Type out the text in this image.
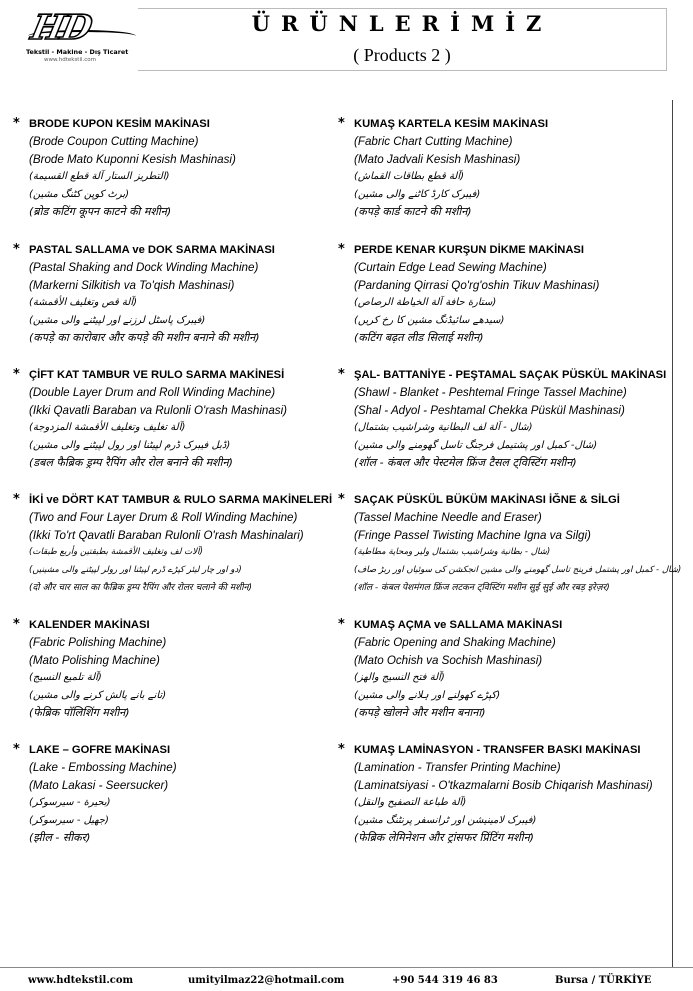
HD
Tekstil - Makine - Dış Ticaret
www.hdtekstil.com
ÜRÜNLERİMİZ
( Products 2 )
* BRODE KUPON KESİM MAKİNASI
(Brode Coupon Cutting Machine)
(Brode Mato Kuponni Kesish Mashinasi)
(التطريز الستار آلة قطع القسيمة)
(برٹ کوپن کٹنگ مشین)
(ब्रोड कटिंग कूपन काटने की मशीन)
* KUMAŞ KARTELA KESİM MAKİNASI
(Fabric Chart Cutting Machine)
(Mato Jadvali Kesish Mashinasi)
(آلة قطع بطاقات القماش)
(فیبرک کارڈ کاٹنے والی مشین)
(कपड़े कार्ड काटने की मशीन)
* PASTAL SALLAMA ve DOK SARMA MAKİNASI
(Pastal Shaking and Dock Winding Machine)
(Markerni Silkitish va To'qish Mashinasi)
(آلة قص وتغليف الأقمشة)
(فیبرک پاسٹل لرزنے اور لپیٹنے والی مشین)
(कपड़े का कारोबार और कपड़े की मशीन बनाने की मशीन)
* PERDE KENAR KURŞUN DİKME MAKİNASI
(Curtain Edge Lead Sewing Machine)
(Pardaning Qirrasi Qo'rg'oshin Tikuv Mashinasi)
(ستارة حافة آلة الخياطة الرصاص)
(سیدھے سائیڈنگ مشین کا رخ کریں)
(कटिंग बढ़त लीड सिलाई मशीन)
* ÇİFT KAT TAMBUR VE RULO SARMA MAKİNESİ
(Double Layer Drum and Roll Winding Machine)
(Ikki Qavatli Baraban va Rulonli O'rash Mashinasi)
(آلة تغليف وتغليف الأقمشة المزدوجة)
(ڈبل فیبرک ڈرم لپیٹنا اور رول لپیٹنے والی مشین)
(डबल फैब्रिक ड्रम्प रैपिंग और रोल बनाने की मशीन)
* ŞAL- BATTANİYE - PEŞTAMAL SAÇAK PÜSKÜL MAKİNASI
(Shawl - Blanket - Peshtemal Fringe Tassel Machine)
(Shal - Adyol - Peshtamal Chekka Püskül Mashinasi)
(شال - آلة لف البطانية وشراشيب بشتمال)
(شال- کمبل اور پشتیمل فرجنگ تاسل گھومنے والی مشین)
(शॉल - कंबल और पेस्टमेल फ्रिंज टैसल ट्विस्टिंग मशीन)
* İKİ ve DÖRT KAT TAMBUR & RULO SARMA MAKİNELERİ
(Two and Four Layer Drum & Roll Winding Machine)
(Ikki To'rt Qavatli Baraban Rulonli O'rash Mashinalari)
(آلات لف وتغليف الأقمشة بطبقتين وأربع طبقات)
(دو اور چار لیئر کپڑے ڈرم لپیٹنا اور رولر لپیٹنے والی مشینیں)
(दो और चार साल का फैब्रिक ड्रम्प रैपिंग और रोलर चलाने की मशीन)
* SAÇAK PÜSKÜL BÜKÜM MAKİNASI İĞNE & SİLGİ
(Tassel Machine Needle and Eraser)
(Fringe Passel Twisting Machine Igna va Silgi)
(شال - بطانية وشراشيب بشتمال ولير ومحاية مطاطية)
(شال - کمبل اور پشتمل فرینج تاسل گھومنے والی مشین انجکشن کی سوئیاں اور ربڑ صاف)
(शॉल - कंबल पेशमंगल फ्रिंज लटकन ट्विस्टिंग मशीन सुई सुई और रबड़ इरेज़र)
* KALENDER MAKİNASI
(Fabric Polishing Machine)
(Mato Polishing Machine)
(آلة تلميع النسيج)
(تانے بانے پالش کرنے والی مشین)
(फेब्रिक पॉलिशिंग मशीन)
* KUMAŞ AÇMA ve SALLAMA MAKİNASI
(Fabric Opening and Shaking Machine)
(Mato Ochish va Sochish Mashinasi)
(آلة فتح النسيج والهز)
(کپڑے کھولنے اور ہلانے والی مشین)
(कपड़े खोलने और मशीन बनाना)
* LAKE – GOFRE MAKİNASI
(Lake - Embossing Machine)
(Mato Lakasi - Seersucker)
(بحيرة - سيرسوكر)
(جھیل - سیرسوکر)
(झील - सीकर)
* KUMAŞ LAMİNASYON - TRANSFER BASKI MAKİNASI
(Lamination - Transfer Printing Machine)
(Laminatsiyasi - O'tkazmalarni Bosib Chiqarish Mashinasi)
(آلة طباعة التصفيح والنقل)
(فیبرک لامینیشن اور ٹرانسفر پرنٹنگ مشین)
(फेब्रिक लेमिनेशन और ट्रांसफर प्रिंटिंग मशीन)
www.hdtekstil.com	umityilmaz22@hotmail.com	+90 544 319 46 83	Bursa / TÜRKİYE
